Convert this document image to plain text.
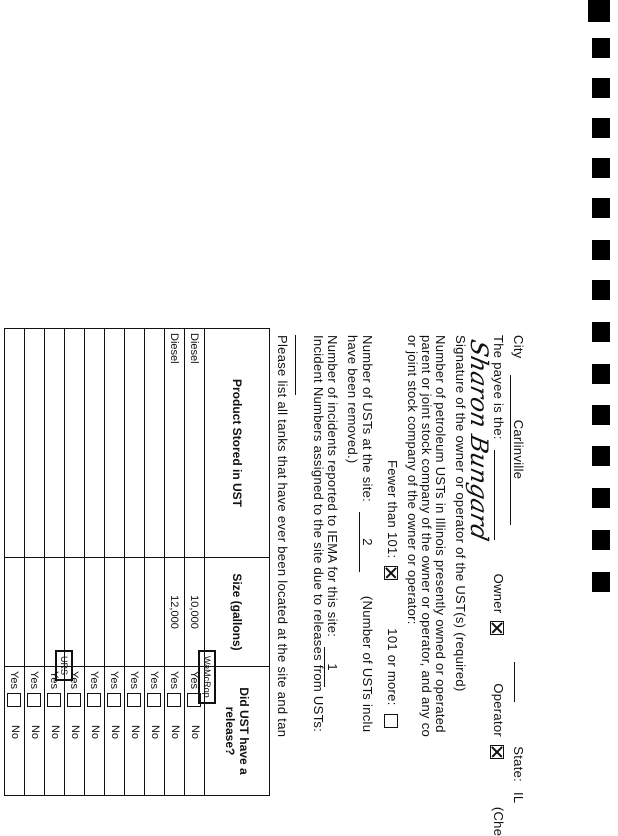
City Carlinville   State: IL
The payee is the:  Owner  Operator  (Che
Sharon Bungard
Signature of the owner or operator of the UST(s) (required)
Number of petroleum USTs in Illinois presently owned or operated
parent or joint stock company of the owner or operator, and any co
or joint stock company of the owner or operator:
Fewer than 101:  101 or more:
Number of USTs at the site: 2 (Number of USTs inclu
have been removed.)
Number of incidents reported to IEMA for this site: 1
Incident Numbers assigned to the site due to releases from USTs:

Please list all tanks that have ever been located at the site and tan
Product Stored in UST	Size (gallons)	Did UST have a release?
Diesel	10,000	YesNo
Diesel	12,000	YesNo
		YesNo
		YesNo
		YesNo
		YesNo
		YesNo
		YesNo
		YesNo
		YesNo
WaMcRop
URS
